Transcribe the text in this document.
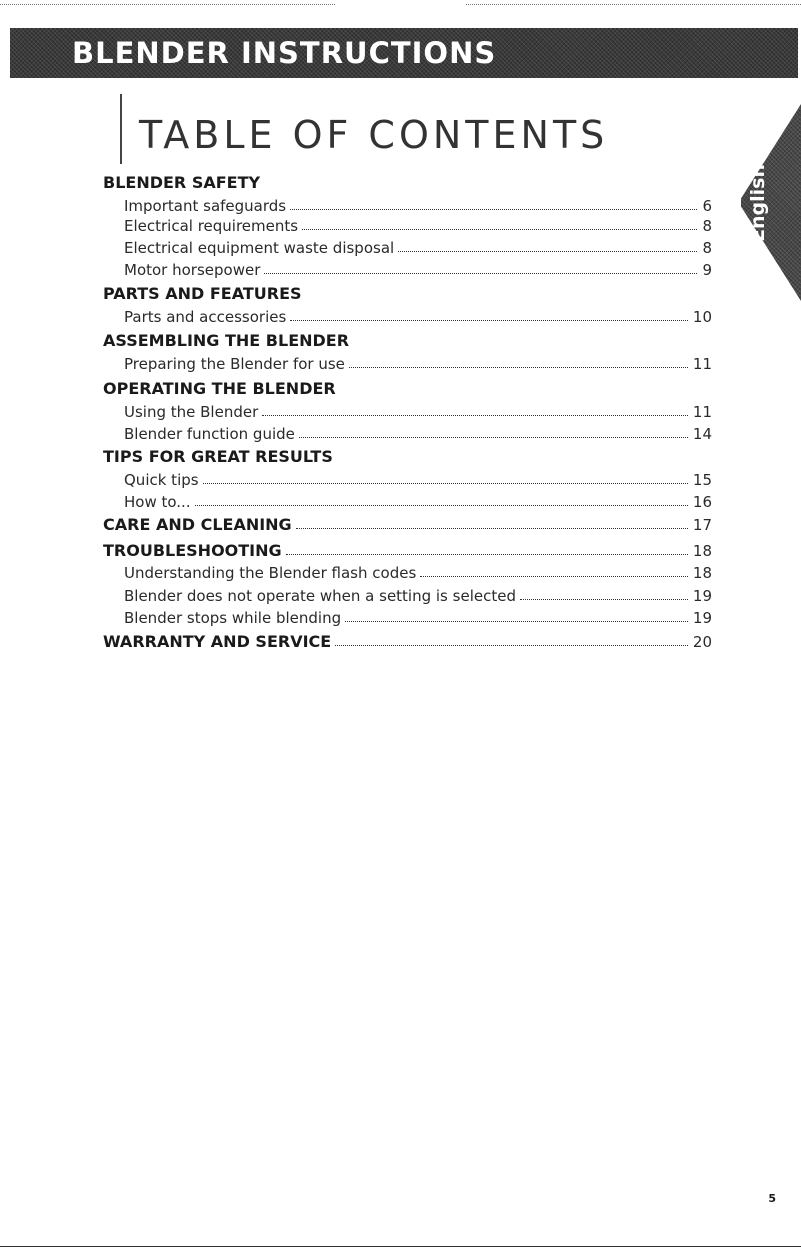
BLENDER INSTRUCTIONS
TABLE OF CONTENTS
English
BLENDER SAFETY
Important safeguards	6
Electrical requirements	8
Electrical equipment waste disposal	8
Motor horsepower	9
PARTS AND FEATURES
Parts and accessories	10
ASSEMBLING THE BLENDER
Preparing the Blender for use	11
OPERATING THE BLENDER
Using the Blender	11
Blender function guide	14
TIPS FOR GREAT RESULTS
Quick tips	15
How to...	16
CARE AND CLEANING	17
TROUBLESHOOTING	18
Understanding the Blender flash codes	18
Blender does not operate when a setting is selected	19
Blender stops while blending	19
WARRANTY AND SERVICE	20
5
